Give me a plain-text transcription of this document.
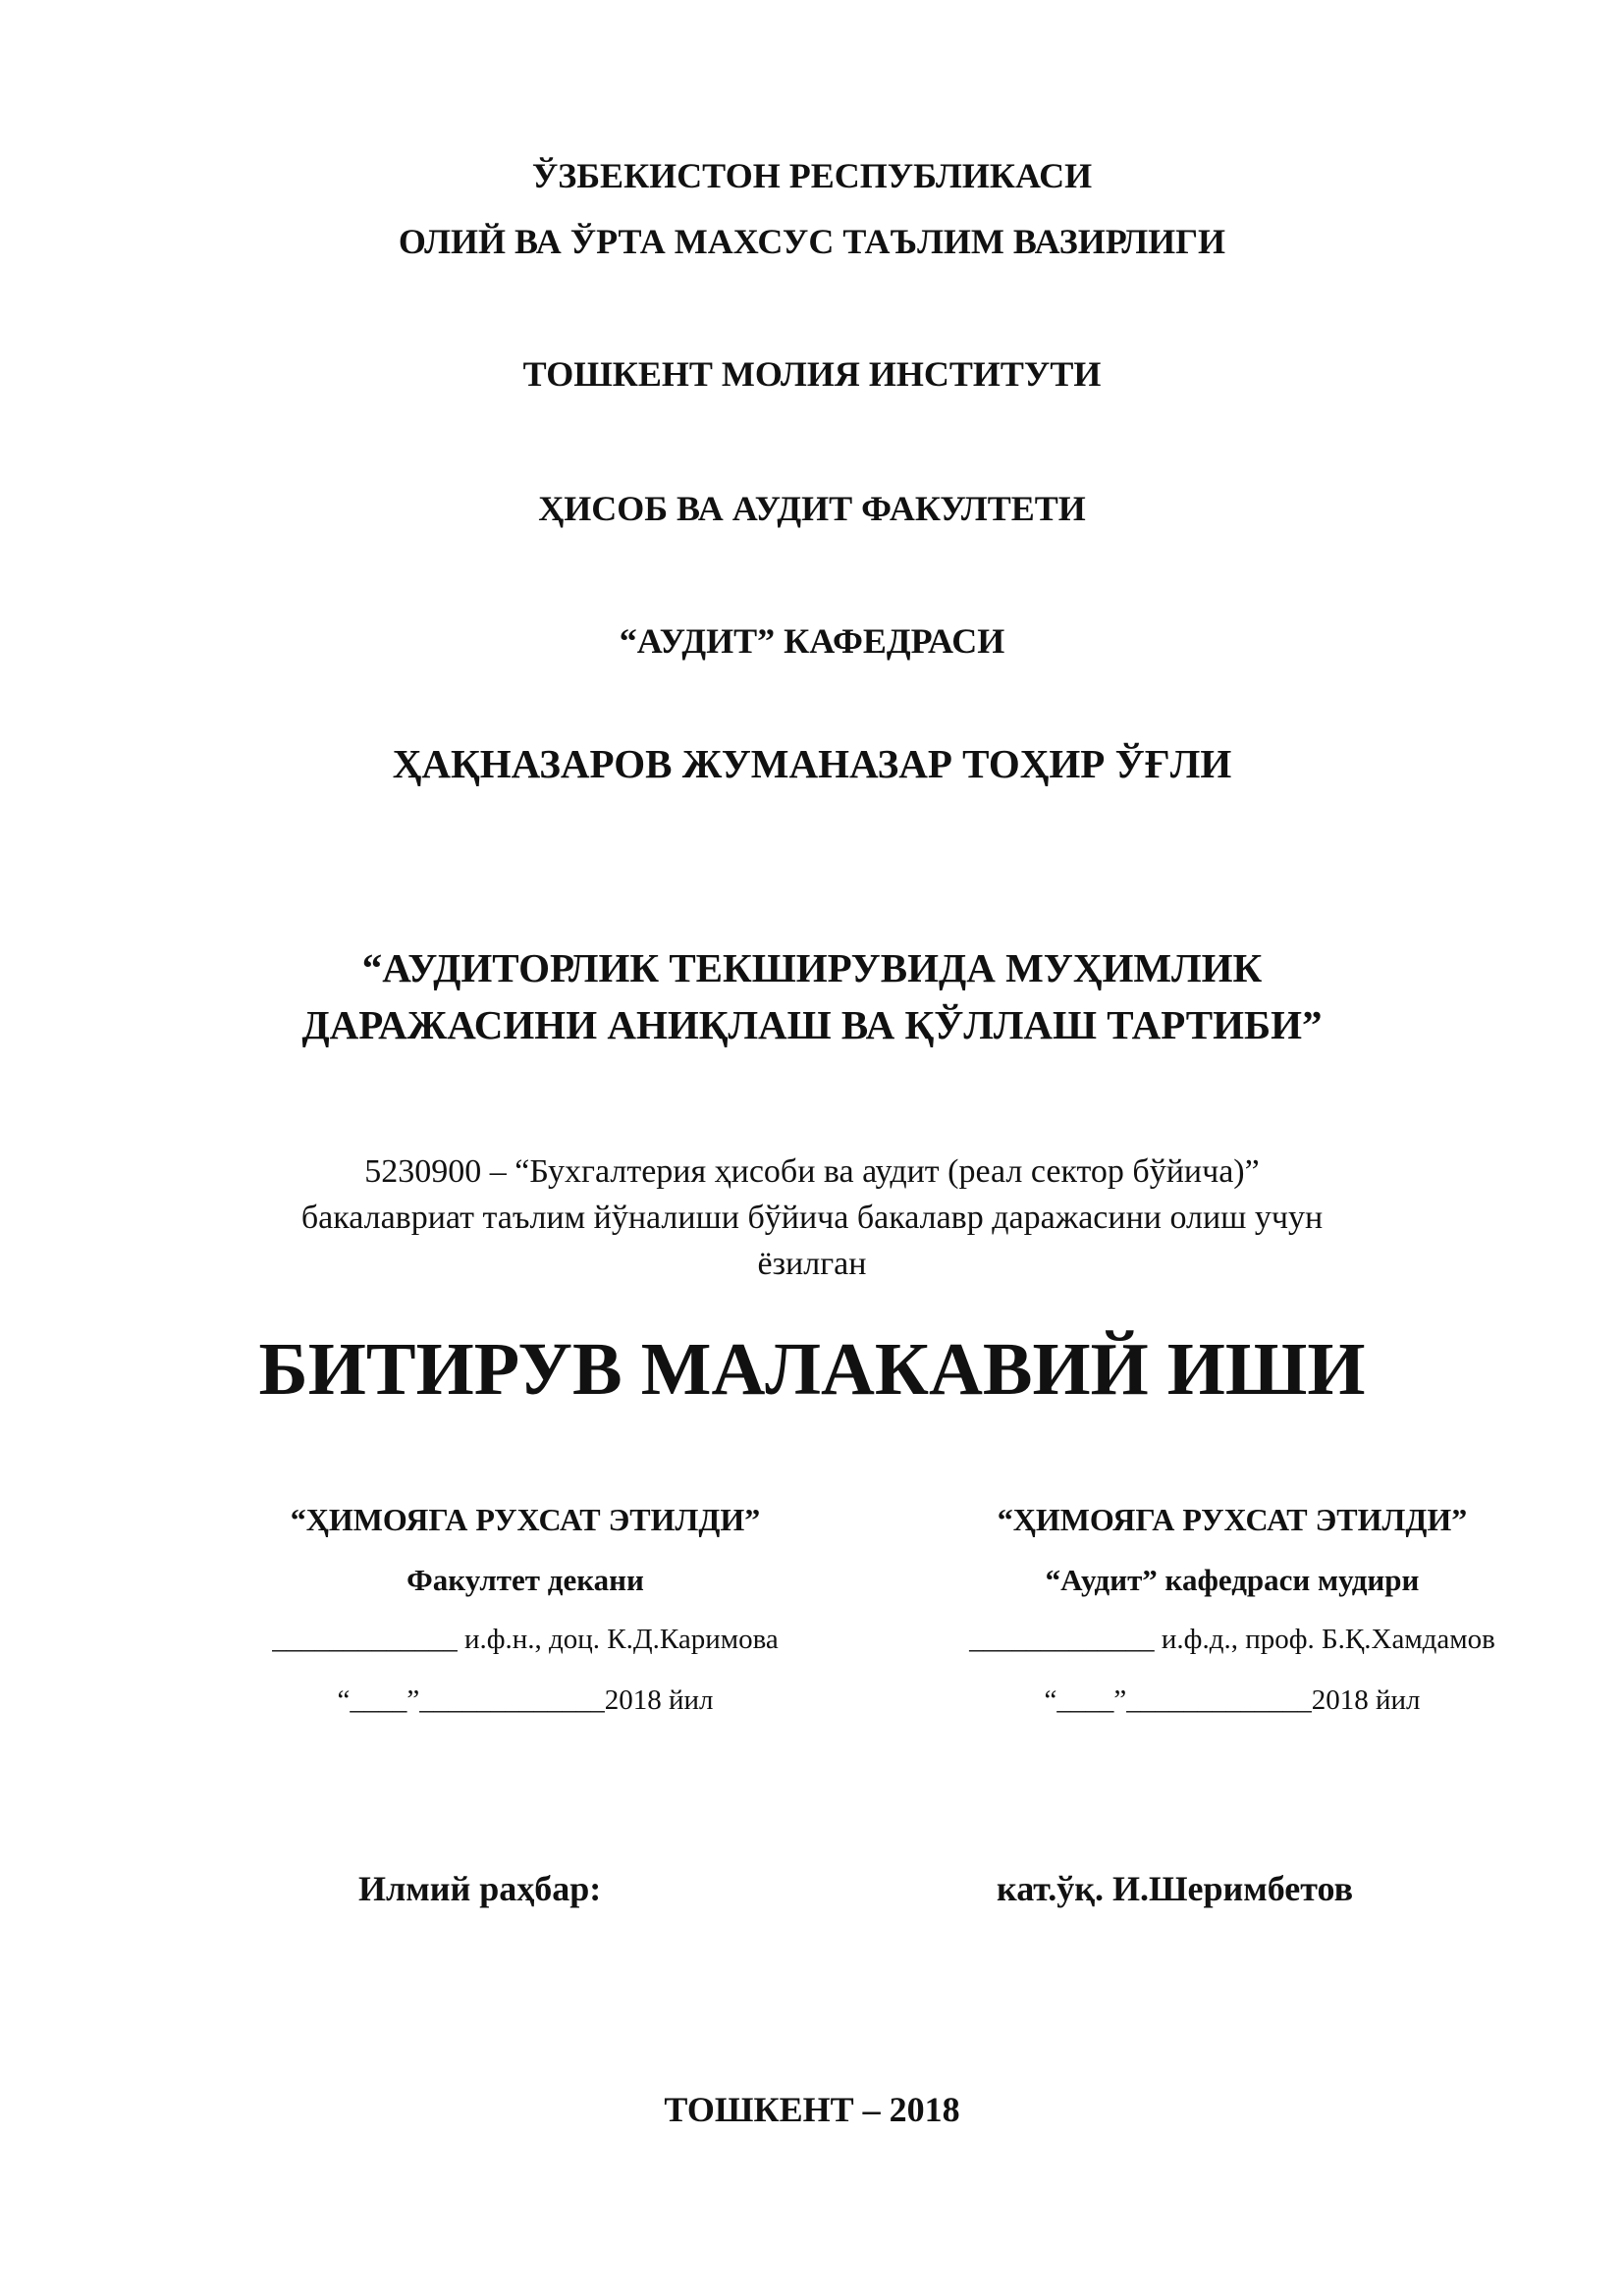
ЎЗБЕКИСТОН РЕСПУБЛИКАСИ

ОЛИЙ ВА ЎРТА МАХСУС ТАЪЛИМ ВАЗИРЛИГИ

ТОШКЕНТ МОЛИЯ ИНСТИТУТИ

ҲИСОБ ВА АУДИТ ФАКУЛТЕТИ

“АУДИТ” КАФЕДРАСИ

ҲАҚНАЗАРОВ ЖУМАНАЗАР ТОҲИР ЎҒЛИ

“АУДИТОРЛИК ТЕКШИРУВИДА МУҲИМЛИК

ДАРАЖАСИНИ АНИҚЛАШ ВА ҚЎЛЛАШ ТАРТИБИ”

5230900 – “Бухгалтерия ҳисоби ва аудит (реал сектор бўйича)”

бакалавриат таълим йўналиши бўйича бакалавр даражасини олиш учун

ёзилган

БИТИРУВ МАЛАКАВИЙ ИШИ

“ҲИМОЯГА РУХСАТ ЭТИЛДИ”
Факултет декани
_____________ и.ф.н., доц. К.Д.Каримова
“____”_____________2018 йил
“ҲИМОЯГА РУХСАТ ЭТИЛДИ”
“Аудит” кафедраси мудири
_____________ и.ф.д., проф. Б.Қ.Хамдамов
“____”_____________2018 йил
Илмий раҳбар:	кат.ўқ. И.Шеримбетов

ТОШКЕНТ – 2018
